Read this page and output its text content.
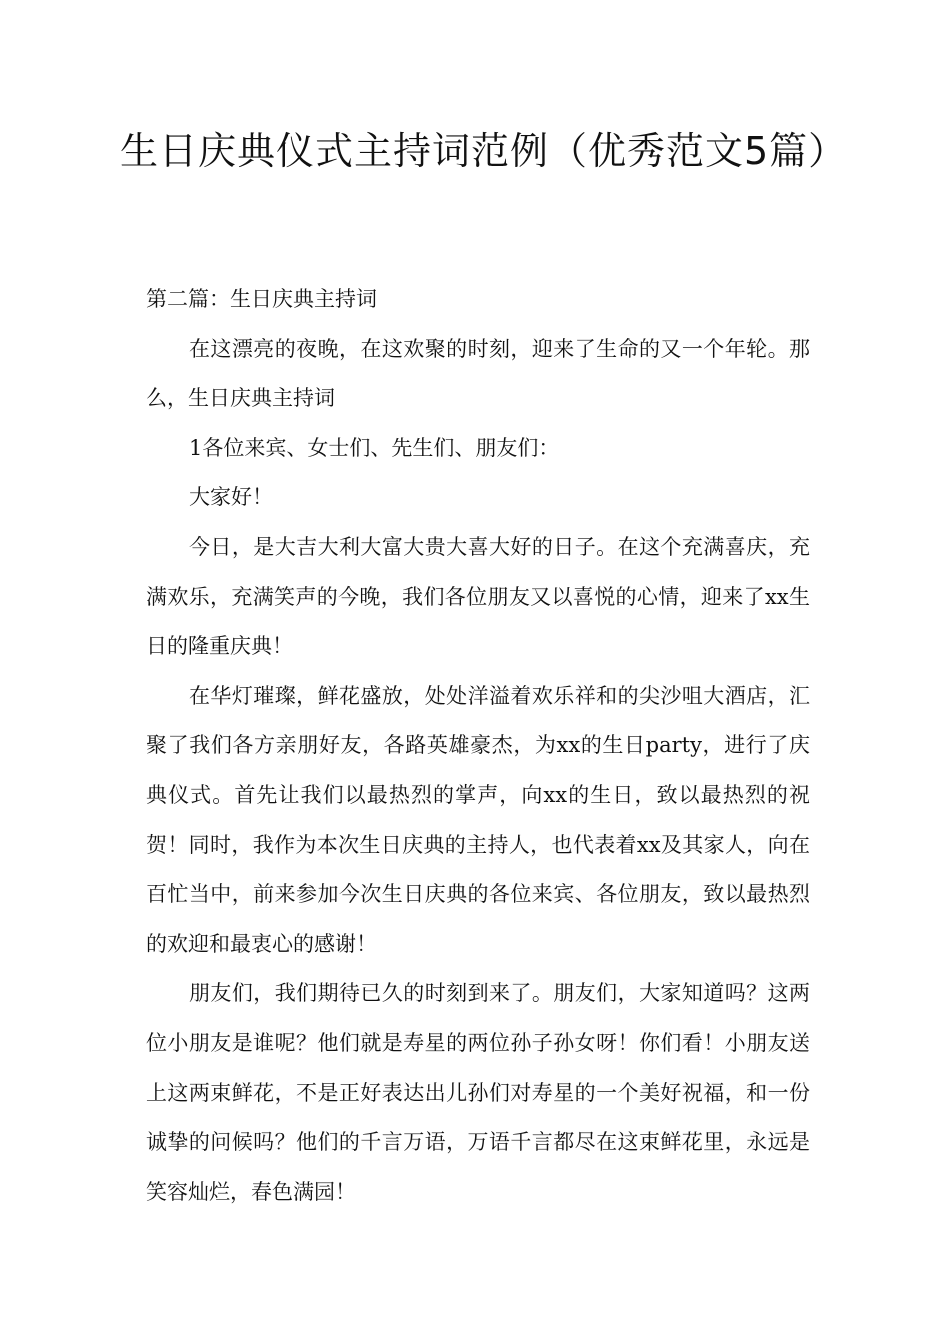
生日庆典仪式主持词范例（优秀范文5篇）

第二篇：生日庆典主持词

在这漂亮的夜晚，在这欢聚的时刻，迎来了生命的又一个年轮。那么，生日庆典主持词

1各位来宾、女士们、先生们、朋友们：

大家好！

今日，是大吉大利大富大贵大喜大好的日子。在这个充满喜庆，充满欢乐，充满笑声的今晚，我们各位朋友又以喜悦的心情，迎来了xx生日的隆重庆典！

在华灯璀璨，鲜花盛放，处处洋溢着欢乐祥和的尖沙咀大酒店，汇聚了我们各方亲朋好友，各路英雄豪杰，为xx的生日party，进行了庆典仪式。首先让我们以最热烈的掌声，向xx的生日，致以最热烈的祝贺！同时，我作为本次生日庆典的主持人，也代表着xx及其家人，向在百忙当中，前来参加今次生日庆典的各位来宾、各位朋友，致以最热烈的欢迎和最衷心的感谢！

朋友们，我们期待已久的时刻到来了。朋友们，大家知道吗？这两位小朋友是谁呢？他们就是寿星的两位孙子孙女呀！你们看！小朋友送上这两束鲜花，不是正好表达出儿孙们对寿星的一个美好祝福，和一份诚挚的问候吗？他们的千言万语，万语千言都尽在这束鲜花里，永远是笑容灿烂，春色满园！
